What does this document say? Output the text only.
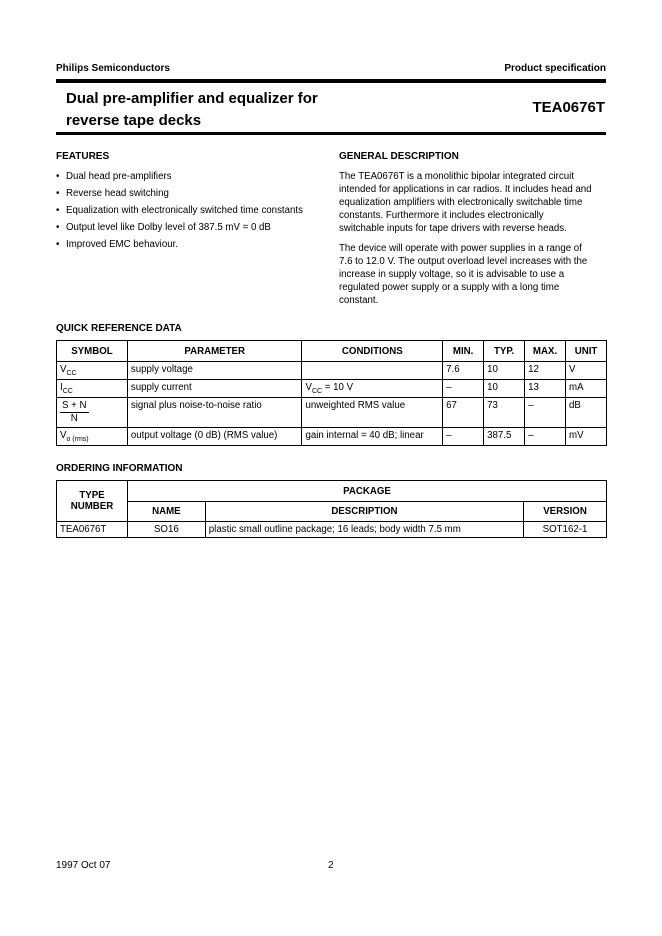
Philips Semiconductors	Product specification
Dual pre-amplifier and equalizer for
reverse tape decks
TEA0676T
FEATURES
• Dual head pre-amplifiers
• Reverse head switching
• Equalization with electronically switched time constants
• Output level like Dolby level of 387.5 mV = 0 dB
• Improved EMC behaviour.
GENERAL DESCRIPTION
The TEA0676T is a monolithic bipolar integrated circuit
intended for applications in car radios. It includes head and
equalization amplifiers with electronically switchable time
constants. Furthermore it includes electronically
switchable inputs for tape drivers with reverse heads.
The device will operate with power supplies in a range of
7.6 to 12.0 V. The output overload level increases with the
increase in supply voltage, so it is advisable to use a
regulated power supply or a supply with a long time
constant.
QUICK REFERENCE DATA
SYMBOL	PARAMETER	CONDITIONS	MIN.	TYP.	MAX.	UNIT
$V_{CC}$	supply voltage		7.6	10	12	V
$I_{CC}$	supply current	$V_{CC} = 10$ V	–	10	13	mA

$\frac{S + N}{N}$	signal plus noise-to-noise ratio	unweighted RMS value	67	73	–	dB
$V_{o (rms)}$	output voltage (0 dB) (RMS value)	gain internal = 40 dB; linear	–	387.5	–	mV
ORDERING INFORMATION
TYPE
NUMBER	PACKAGE		
	NAME	DESCRIPTION	VERSION
TEA0676T	SO16	plastic small outline package; 16 leads; body width 7.5 mm	SOT162-1
1997 Oct 07	2
